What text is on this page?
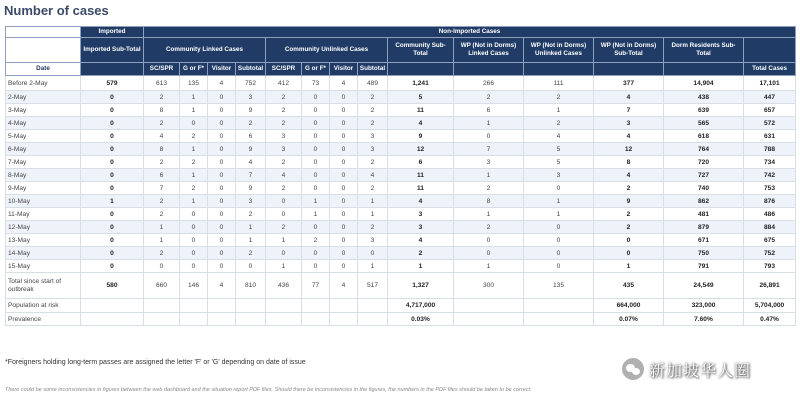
Number of cases
5/14/2020 1:1
	Imported	Non-Imported Cases													
	Imported Sub-Total	Community Linked Cases				Community Unlinked Cases				Community Sub-Total	WP (Not in Dorms) Linked Cases	WP (Not in Dorms) Unlinked Cases	WP (Not in Dorms) Sub-Total	Dorm Residents Sub-Total	
Date		SC/SPR	G or F*	Visitor	Subtotal	SC/SPR	G or F*	Visitor	Subtotal						Total Cases
Before 2-May	579	613	135	4	752	412	73	4	489	1,241	266	111	377	14,904	17,101
2-May	0	2	1	0	3	2	0	0	2	5	2	2	4	438	447
3-May	0	8	1	0	9	2	0	0	2	11	6	1	7	639	657
4-May	0	2	0	0	2	2	0	0	2	4	1	2	3	565	572
5-May	0	4	2	0	6	3	0	0	3	9	0	4	4	618	631
6-May	0	8	1	0	9	3	0	0	3	12	7	5	12	764	788
7-May	0	2	2	0	4	2	0	0	2	6	3	5	8	720	734
8-May	0	6	1	0	7	4	0	0	4	11	1	3	4	727	742
9-May	0	7	2	0	9	2	0	0	2	11	2	0	2	740	753
10-May	1	2	1	0	3	0	1	0	1	4	8	1	9	862	876
11-May	0	2	0	0	2	0	1	0	1	3	1	1	2	481	486
12-May	0	1	0	0	1	2	0	0	2	3	2	0	2	879	884
13-May	0	1	0	0	1	1	2	0	3	4	0	0	0	671	675
14-May	0	2	0	0	2	0	0	0	0	2	0	0	0	750	752
15-May	0	0	0	0	0	1	0	0	1	1	1	0	1	791	793
Total since start of outbreak	580	660	146	4	810	436	77	4	517	1,327	300	135	435	24,549	26,891
Population at risk										4,717,000			664,000	323,000	5,704,000
Prevalence										0.03%			0.07%	7.60%	0.47%
*Foreigners holding long-term passes are assigned the letter 'F' or 'G' depending on date of issue
There could be some inconsistencies in figures between the web dashboard and the situation report PDF files. Should there be inconsistencies in the figures, the numbers in the PDF files should be taken to be correct.
新加坡华人圈
